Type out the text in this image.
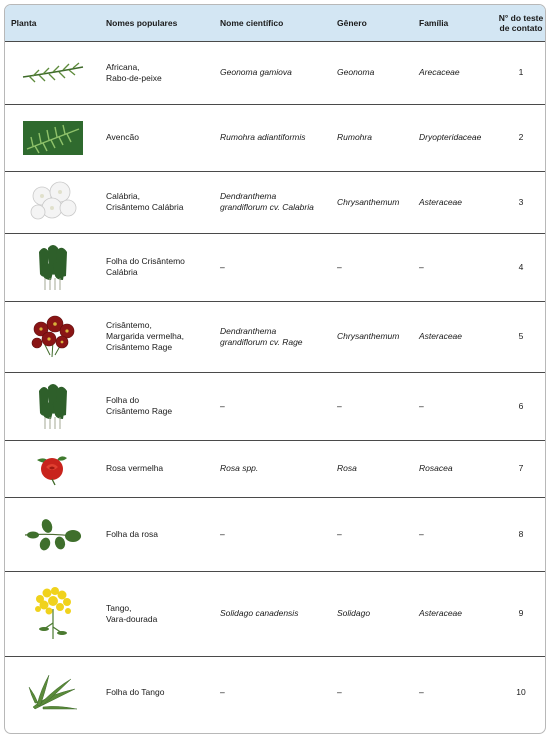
Planta	Nomes populares	Nome científico	Gênero	Família	N° do teste
de contato

	Africana,
Rabo-de-peixe	Geonoma gamiova	Geonoma	Arecaceae	1

	Avencão	Rumohra adiantiformis	Rumohra	Dryopteridaceae	2

	Calábria,
Crisântemo Calábria	Dendranthema
grandiflorum cv. Calabria	Chrysanthemum	Asteraceae	3

	Folha do Crisântemo
Calábria	–	–	–	4

	Crisântemo,
Margarida vermelha,
Crisântemo Rage	Dendranthema
grandiflorum cv. Rage	Chrysanthemum	Asteraceae	5

	Folha do
Crisântemo Rage	–	–	–	6

	Rosa vermelha	Rosa spp.	Rosa	Rosacea	7

	Folha da rosa	–	–	–	8

	Tango,
Vara-dourada	Solidago canadensis	Solidago	Asteraceae	9

	Folha do Tango	–	–	–	10
